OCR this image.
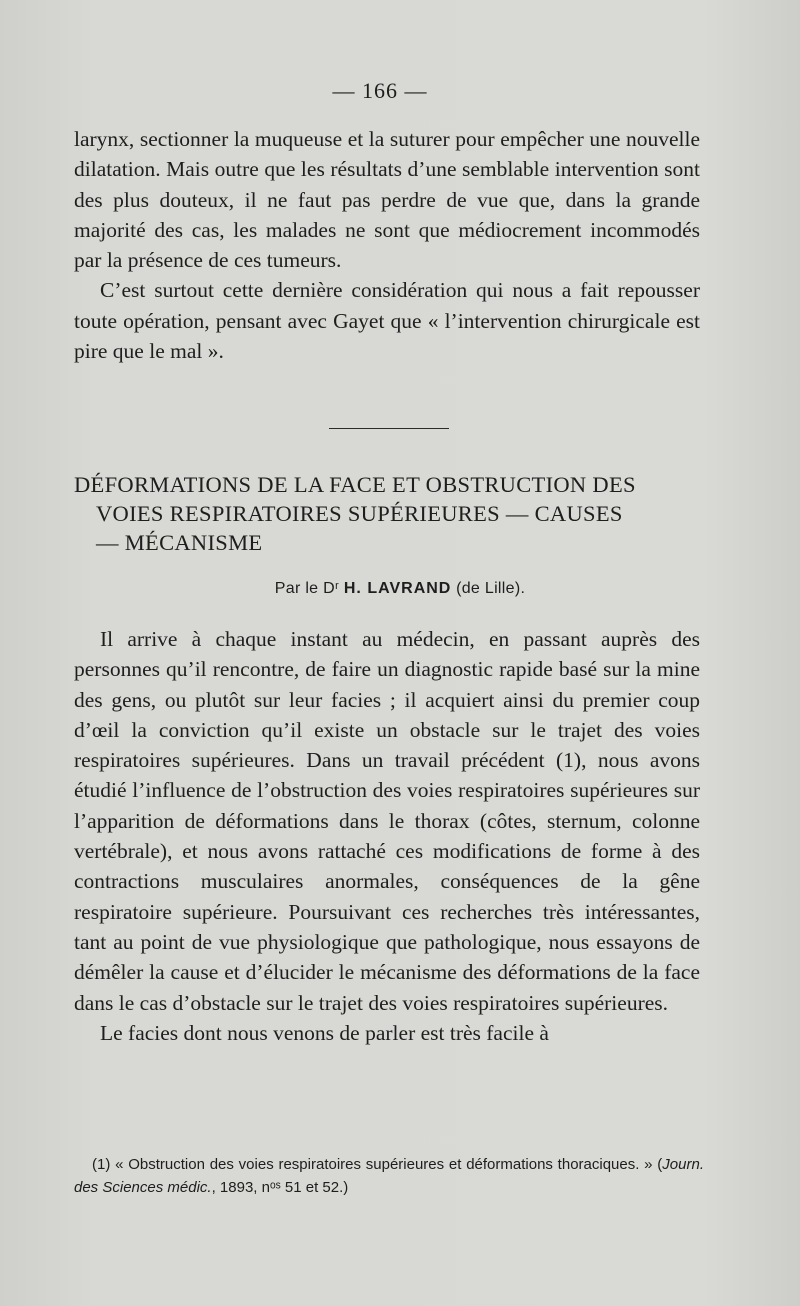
— 166 —

larynx, sectionner la muqueuse et la suturer pour empêcher une nouvelle dilatation. Mais outre que les résultats d’une semblable intervention sont des plus douteux, il ne faut pas perdre de vue que, dans la grande majorité des cas, les malades ne sont que médiocrement incommodés par la présence de ces tumeurs.

C’est surtout cette dernière considération qui nous a fait repousser toute opération, pensant avec Gayet que « l’intervention chirurgicale est pire que le mal ».

DÉFORMATIONS DE LA FACE ET OBSTRUCTION DES
VOIES RESPIRATOIRES SUPÉRIEURES — CAUSES
— MÉCANISME
Par le Dʳ H. LAVRAND (de Lille).

Il arrive à chaque instant au médecin, en passant auprès des personnes qu’il rencontre, de faire un diagnostic rapide basé sur la mine des gens, ou plutôt sur leur facies ; il acquiert ainsi du premier coup d’œil la conviction qu’il existe un obstacle sur le trajet des voies respiratoires supérieures. Dans un travail précédent (1), nous avons étudié l’influence de l’obstruction des voies respiratoires supérieures sur l’apparition de déformations dans le thorax (côtes, sternum, colonne vertébrale), et nous avons rattaché ces modifications de forme à des contractions musculaires anormales, conséquences de la gêne respiratoire supérieure. Poursuivant ces recherches très intéressantes, tant au point de vue physiologique que pathologique, nous essayons de démêler la cause et d’élucider le mécanisme des déformations de la face dans le cas d’obstacle sur le trajet des voies respiratoires supérieures.

Le facies dont nous venons de parler est très facile à

(1) « Obstruction des voies respiratoires supérieures et déformations thoraciques. » (Journ. des Sciences médic., 1893, nᵒˢ 51 et 52.)
